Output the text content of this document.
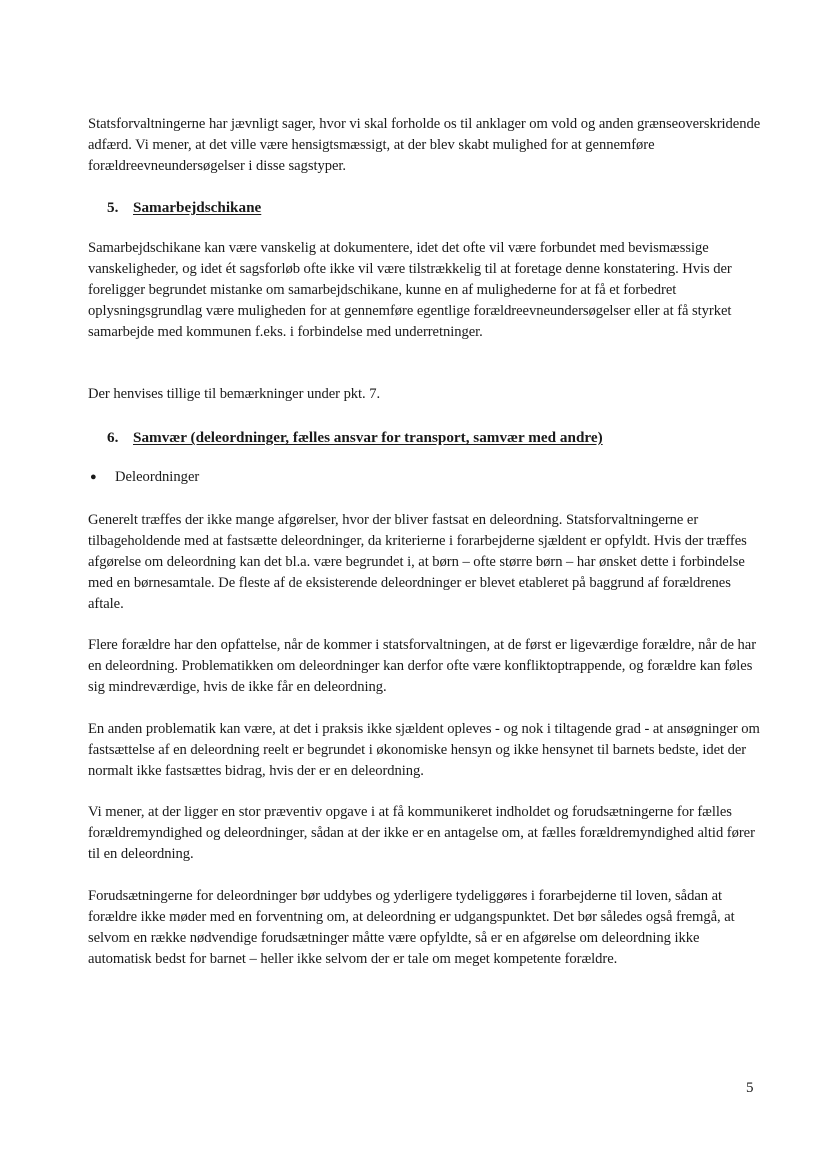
Statsforvaltningerne har jævnligt sager, hvor vi skal forholde os til anklager om vold og anden grænseoverskridende adfærd. Vi mener, at det ville være hensigtsmæssigt, at der blev skabt mulighed for at gennemføre forældreevneundersøgelser i disse sagstyper.
5. Samarbejdschikane
Samarbejdschikane kan være vanskelig at dokumentere, idet det ofte vil være forbundet med bevismæssige vanskeligheder, og idet ét sagsforløb ofte ikke vil være tilstrækkelig til at foretage denne konstatering. Hvis der foreligger begrundet mistanke om samarbejdschikane, kunne en af mulighederne for at få et forbedret oplysningsgrundlag være muligheden for at gennemføre egentlige forældreevneundersøgelser eller at få styrket samarbejde med kommunen f.eks. i forbindelse med underretninger.
Der henvises tillige til bemærkninger under pkt. 7.
6. Samvær (deleordninger, fælles ansvar for transport, samvær med andre)
● Deleordninger
Generelt træffes der ikke mange afgørelser, hvor der bliver fastsat en deleordning. Statsforvaltningerne er tilbageholdende med at fastsætte deleordninger, da kriterierne i forarbejderne sjældent er opfyldt. Hvis der træffes afgørelse om deleordning kan det bl.a. være begrundet i, at børn – ofte større børn – har ønsket dette i forbindelse med en børnesamtale. De fleste af de eksisterende deleordninger er blevet etableret på baggrund af forældrenes aftale.
Flere forældre har den opfattelse, når de kommer i statsforvaltningen, at de først er ligeværdige forældre, når de har en deleordning. Problematikken om deleordninger kan derfor ofte være konfliktoptrappende, og forældre kan føles sig mindreværdige, hvis de ikke får en deleordning.
En anden problematik kan være, at det i praksis ikke sjældent opleves - og nok i tiltagende grad - at ansøgninger om fastsættelse af en deleordning reelt er begrundet i økonomiske hensyn og ikke hensynet til barnets bedste, idet der normalt ikke fastsættes bidrag, hvis der er en deleordning.
Vi mener, at der ligger en stor præventiv opgave i at få kommunikeret indholdet og forudsætningerne for fælles forældremyndighed og deleordninger, sådan at der ikke er en antagelse om, at fælles forældremyndighed altid fører til en deleordning.
Forudsætningerne for deleordninger bør uddybes og yderligere tydeliggøres i forarbejderne til loven, sådan at forældre ikke møder med en forventning om, at deleordning er udgangspunktet. Det bør således også fremgå, at selvom en række nødvendige forudsætninger måtte være opfyldte, så er en afgørelse om deleordning ikke automatisk bedst for barnet – heller ikke selvom der er tale om meget kompetente forældre.
5
